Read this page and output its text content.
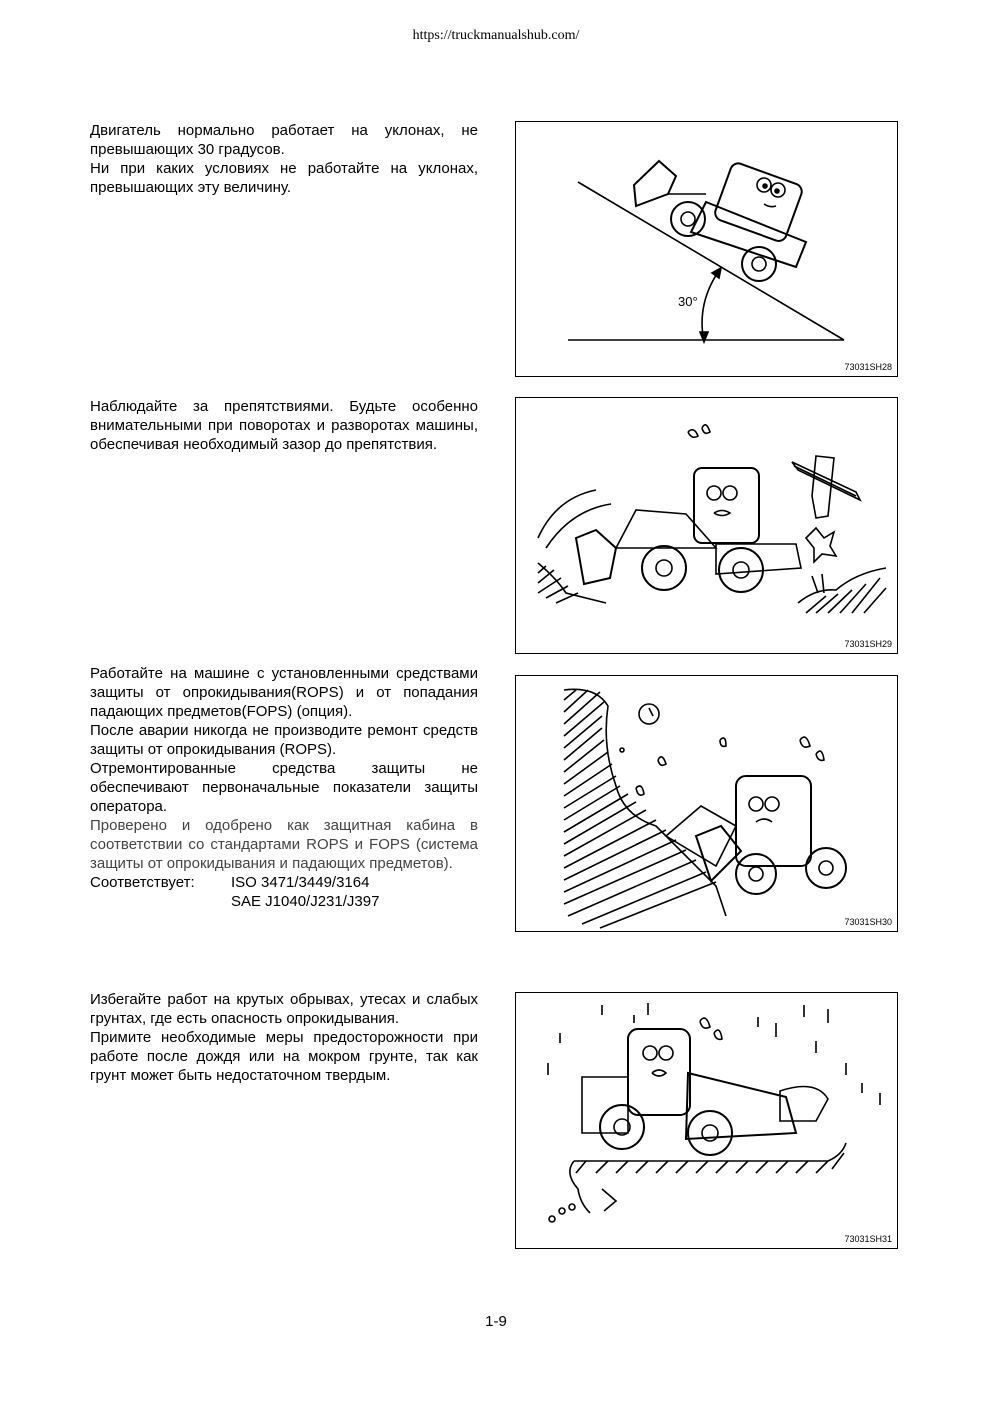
https://truckmanualshub.com/

Двигатель нормально работает на уклонах, не превышающих 30 градусов.

Ни при каких условиях не работайте на уклонах, превышающих эту величину.

30°
73031SH28

Наблюдайте за препятствиями. Будьте особенно внимательными при поворотах и разворотах машины, обеспечивая необходимый зазор до препятствия.

73031SH29

Работайте на машине с установленными средствами защиты от опрокидывания(ROPS) и от попадания падающих предметов(FOPS) (опция).

После аварии никогда не производите ремонт средств защиты от опрокидывания (ROPS).

Отремонтированные средства защиты не обеспечивают первоначальные показатели защиты оператора.

Проверено и одобрено как защитная кабина в соответствии со стандартами ROPS и FOPS (система защиты от опрокидывания и падающих предметов).

Соответствует:	ISO 3471/3449/3164
SAE J1040/J231/J397
73031SH30

Избегайте работ на крутых обрывах, утесах и слабых грунтах, где есть опасность опрокидывания.

Примите необходимые меры предосторожности при работе после дождя или на мокром грунте, так как грунт может быть недостаточном твердым.

73031SH31
1-9
